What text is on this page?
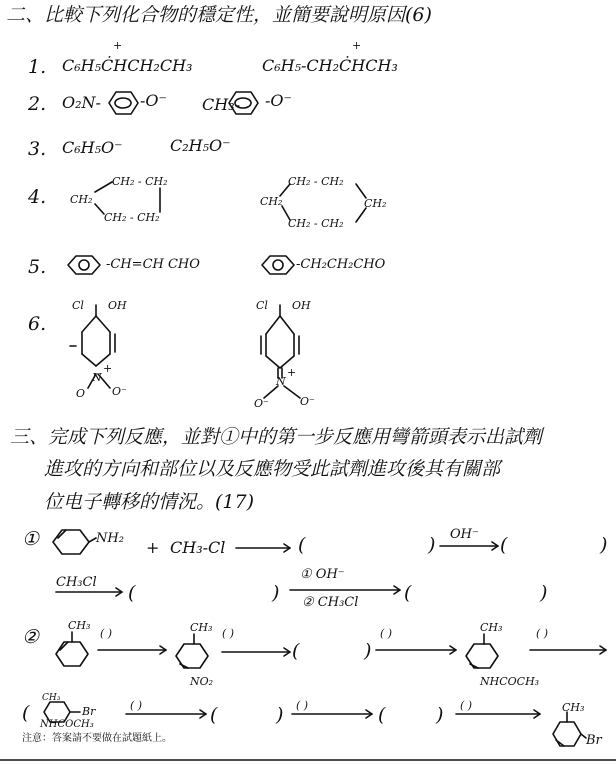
二、比較下列化合物的穩定性，並簡要說明原因(6)
1. C₆H₅ĊHCH₂CH₃
+
C₆H₅-CH₂ĊHCH₃
+
2. O₂N- -O⁻ CH₃- -O⁻
3. C₆H₅O⁻	C₂H₅O⁻
4.
CH₂ - CH₂
CH₂
CH₂ - CH₂
CH₂ - CH₂
CH₂	CH₂
CH₂ - CH₂
5.	-CH=CH CHO	-CH₂CH₂CHO
6.
Cl OH
N
+
O O⁻
Cl OH
N
+
O⁻	O⁻
三、完成下列反應，並對①中的第一步反應用彎箭頭表示出試劑
進攻的方向和部位以及反應物受此試劑進攻後其有關部
位电子轉移的情況。(17)
①	NH₂ + CH₃-Cl	(	) OH⁻ (	)
CH₃Cl (	)
① OH⁻
② CH₃Cl (	)
②
CH₃
( )	CH₃
NO₂
( )
(	)
( )	CH₃
NHCOCH₃
( )
(
CH₃
Br
NHCOCH₃
( )	(	) ( )	(	) ( )	CH₃
Br
注意：答案請不要做在試題紙上。
